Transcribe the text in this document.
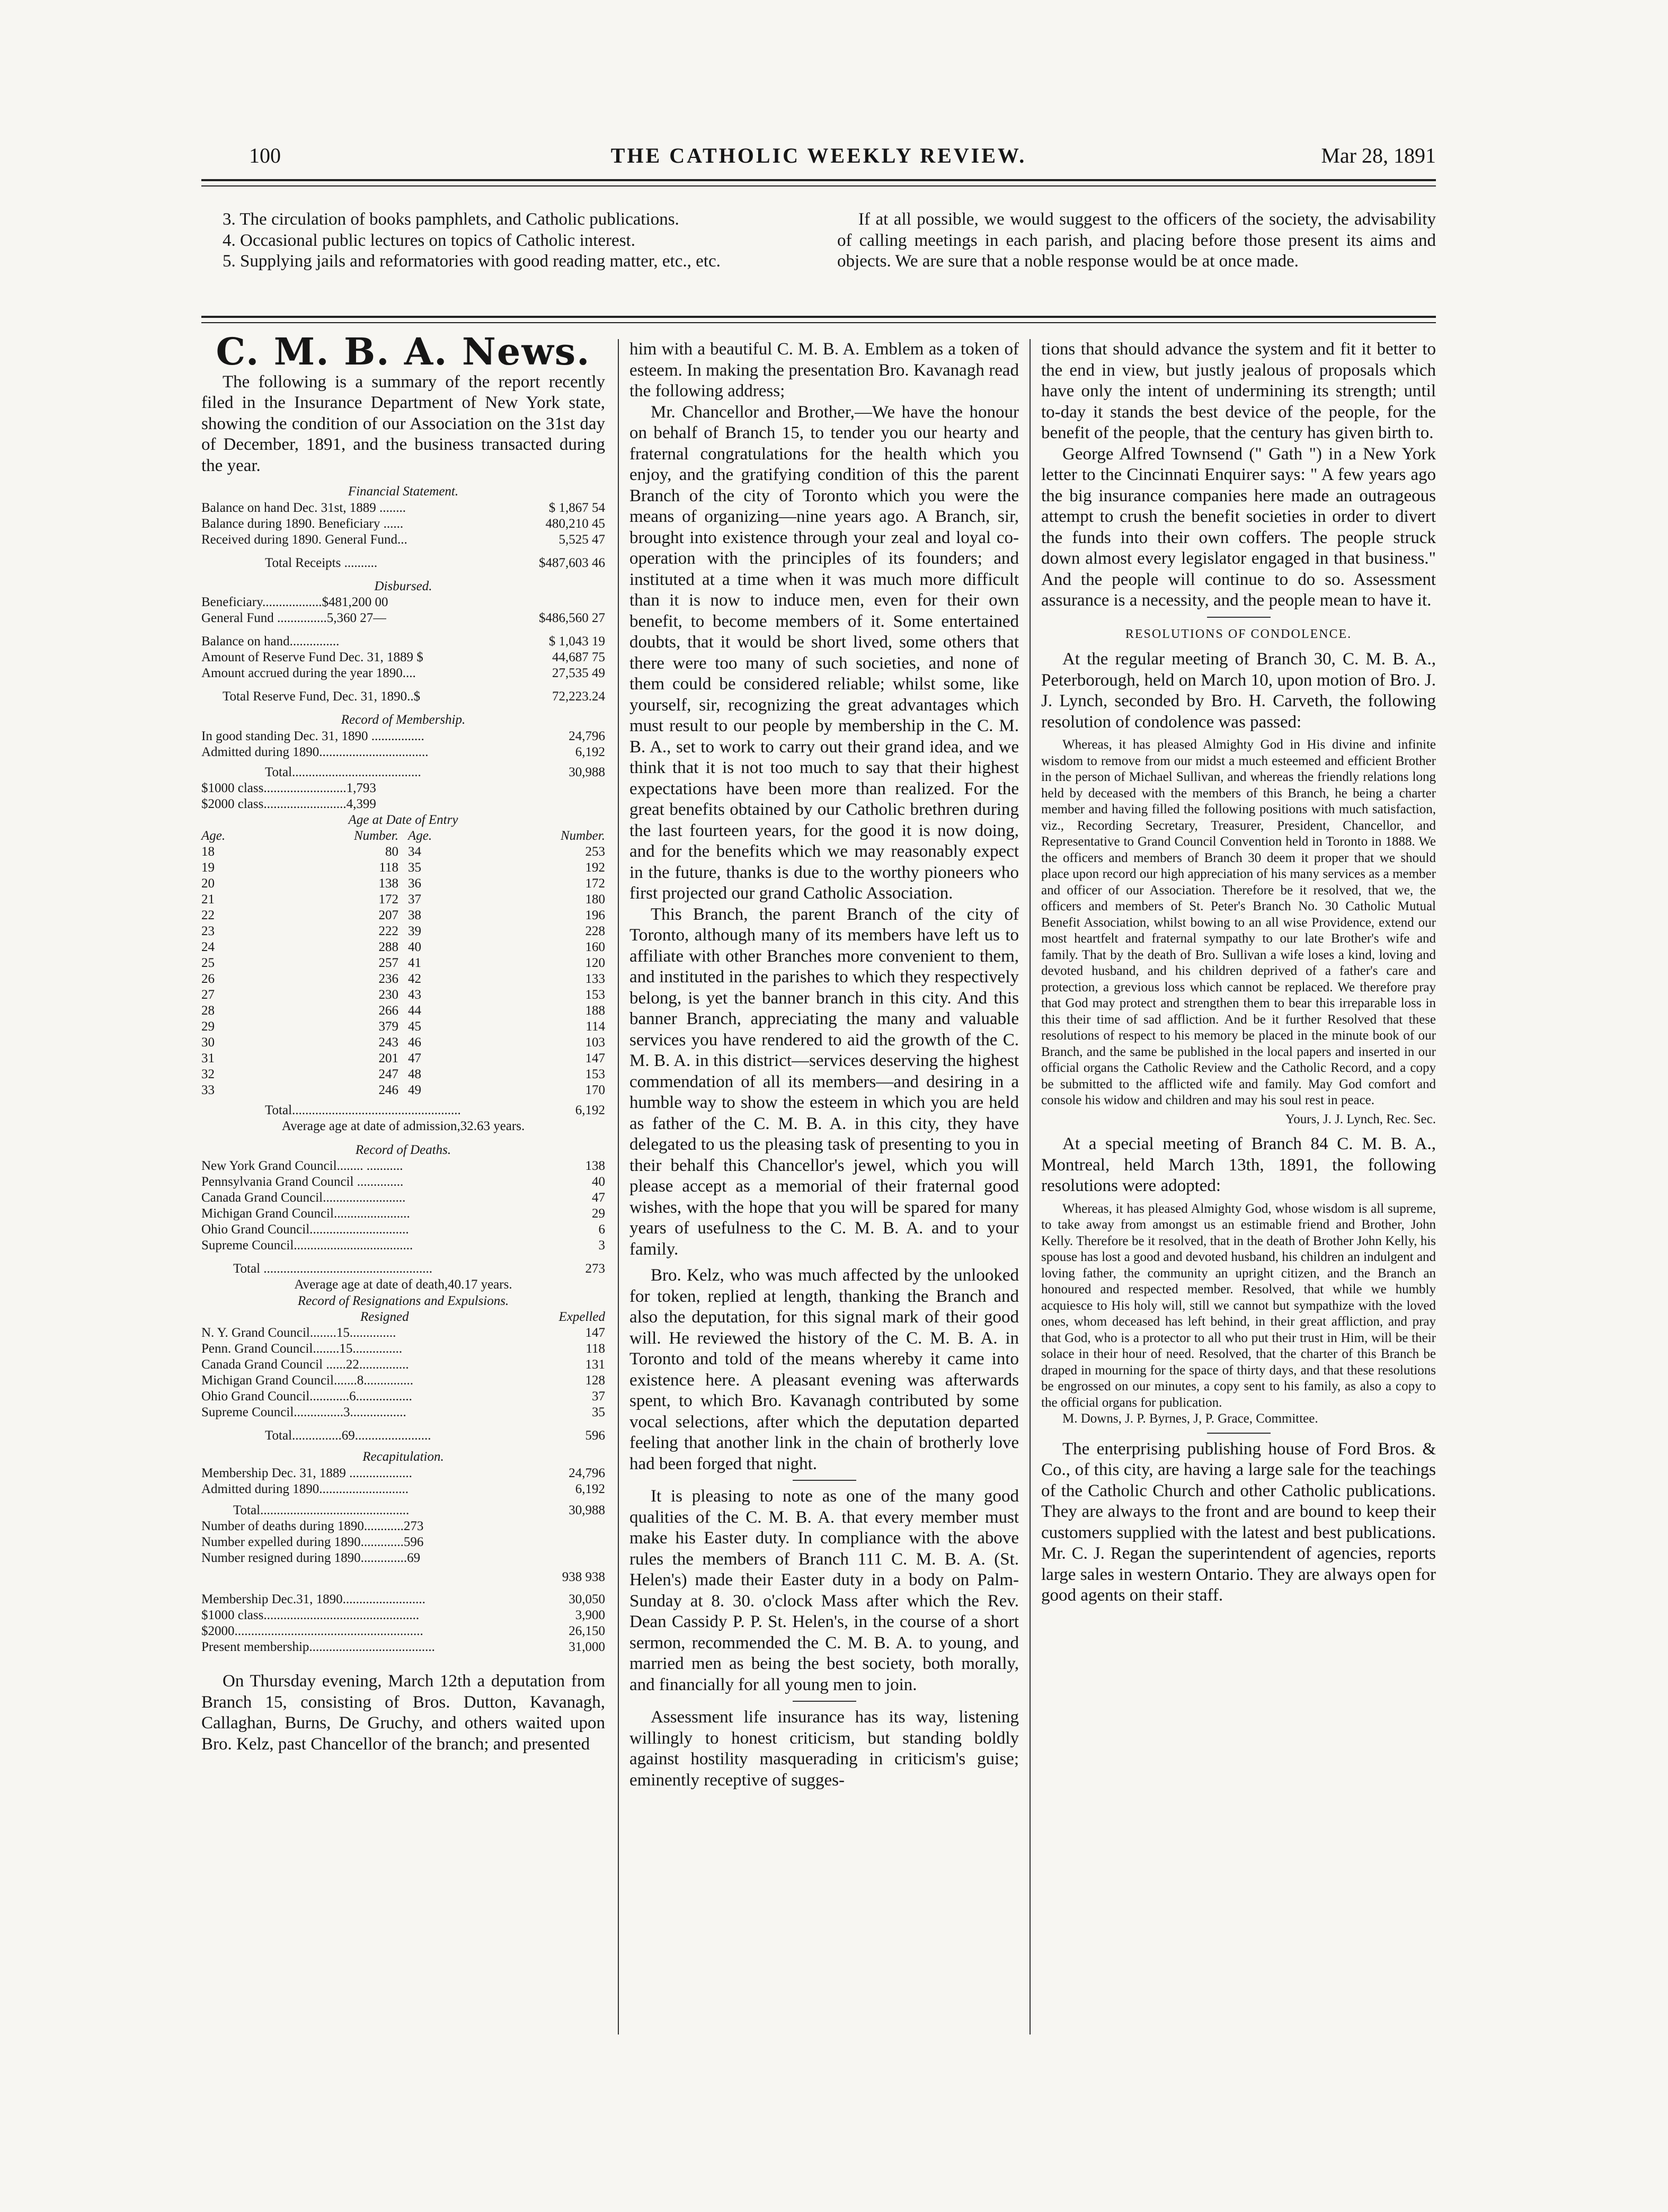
100	THE CATHOLIC WEEKLY REVIEW.	Mar 28, 1891

3. The circulation of books pamphlets, and Catholic publications.

4. Occasional public lectures on topics of Catholic interest.

5. Supplying jails and reformatories with good reading matter, etc., etc.

If at all possible, we would suggest to the officers of the society, the advisability of calling meetings in each parish, and placing before those present its aims and objects. We are sure that a noble response would be at once made.
C. M. B. A. News.

The following is a summary of the report recently filed in the Insurance Department of New York state, showing the condition of our Association on the 31st day of December, 1891, and the business transacted during the year.

Financial Statement.
Balance on hand Dec. 31st, 1889 ........	$ 1,867 54
Balance during 1890. Beneficiary ......	480,210 45
Received during 1890. General Fund...	5,525 47
Total Receipts ..........	$487,603 46
Disbursed.
Beneficiary..................$481,200 00
General Fund ...............5,360 27—	$486,560 27
Balance on hand...............	$ 1,043 19
Amount of Reserve Fund Dec. 31, 1889 $	44,687 75
Amount accrued during the year 1890....	27,535 49
Total Reserve Fund, Dec. 31, 1890..$	72,223.24
Record of Membership.
In good standing Dec. 31, 1890 ................	24,796
Admitted during 1890.................................	6,192
Total.......................................	30,988
$1000 class.........................1,793
$2000 class.........................4,399
Age at Date of Entry
Age.	Number. Age.	Number.
18	80 34	253
19	118 35	192
20	138 36	172
21	172 37	180
22	207 38	196
23	222 39	228
24	288 40	160
25	257 41	120
26	236 42	133
27	230 43	153
28	266 44	188
29	379 45	114
30	243 46	103
31	201 47	147
32	247 48	153
33	246 49	170
Total...................................................	6,192
Average age at date of admission,32.63 years.
Record of Deaths.
New York Grand Council........ ...........	138
Pennsylvania Grand Council ..............	40
Canada Grand Council.........................	47
Michigan Grand Council.......................	29
Ohio Grand Council..............................	6
Supreme Council....................................	3
Total ...................................................	273
Average age at date of death,40.17 years.
Record of Resignations and Expulsions.
Resigned	Expelled
N. Y. Grand Council........15..............	147
Penn. Grand Council........15...............	118
Canada Grand Council ......22...............	131
Michigan Grand Council.......8...............	128
Ohio Grand Council............6.................	37
Supreme Council...............3.................	35
Total...............69.......................	596
Recapitulation.
Membership Dec. 31, 1889 ...................	24,796
Admitted during 1890...........................	6,192
Total.............................................	30,988
Number of deaths during 1890............273
Number expelled during 1890.............596
Number resigned during 1890..............69
938 938
Membership Dec.31, 1890.........................	30,050
$1000 class...............................................	3,900
$2000.........................................................	26,150
Present membership......................................	31,000

On Thursday evening, March 12th a deputation from Branch 15, consisting of Bros. Dutton, Kavanagh, Callaghan, Burns, De Gruchy, and others waited upon Bro. Kelz, past Chancellor of the branch; and presented

him with a beautiful C. M. B. A. Emblem as a token of esteem. In making the presentation Bro. Kavanagh read the following address;

Mr. Chancellor and Brother,—We have the honour on behalf of Branch 15, to tender you our hearty and fraternal congratulations for the health which you enjoy, and the gratifying condition of this the parent Branch of the city of Toronto which you were the means of organizing—nine years ago. A Branch, sir, brought into existence through your zeal and loyal co-operation with the principles of its founders; and instituted at a time when it was much more difficult than it is now to induce men, even for their own benefit, to become members of it. Some entertained doubts, that it would be short lived, some others that there were too many of such societies, and none of them could be considered reliable; whilst some, like yourself, sir, recognizing the great advantages which must result to our people by membership in the C. M. B. A., set to work to carry out their grand idea, and we think that it is not too much to say that their highest expectations have been more than realized. For the great benefits obtained by our Catholic brethren during the last fourteen years, for the good it is now doing, and for the benefits which we may reasonably expect in the future, thanks is due to the worthy pioneers who first projected our grand Catholic Association.

This Branch, the parent Branch of the city of Toronto, although many of its members have left us to affiliate with other Branches more convenient to them, and instituted in the parishes to which they respectively belong, is yet the banner branch in this city. And this banner Branch, appreciating the many and valuable services you have rendered to aid the growth of the C. M. B. A. in this district—services deserving the highest commendation of all its members—and desiring in a humble way to show the esteem in which you are held as father of the C. M. B. A. in this city, they have delegated to us the pleasing task of presenting to you in their behalf this Chancellor's jewel, which you will please accept as a memorial of their fraternal good wishes, with the hope that you will be spared for many years of usefulness to the C. M. B. A. and to your family.

Bro. Kelz, who was much affected by the unlooked for token, replied at length, thanking the Branch and also the deputation, for this signal mark of their good will. He reviewed the history of the C. M. B. A. in Toronto and told of the means whereby it came into existence here. A pleasant evening was afterwards spent, to which Bro. Kavanagh contributed by some vocal selections, after which the deputation departed feeling that another link in the chain of brotherly love had been forged that night.

It is pleasing to note as one of the many good qualities of the C. M. B. A. that every member must make his Easter duty. In compliance with the above rules the members of Branch 111 C. M. B. A. (St. Helen's) made their Easter duty in a body on Palm-Sunday at 8. 30. o'clock Mass after which the Rev. Dean Cassidy P. P. St. Helen's, in the course of a short sermon, recommended the C. M. B. A. to young, and married men as being the best society, both morally, and financially for all young men to join.

Assessment life insurance has its way, listening willingly to honest criticism, but standing boldly against hostility masquerading in criticism's guise; eminently receptive of sugges-

tions that should advance the system and fit it better to the end in view, but justly jealous of proposals which have only the intent of undermining its strength; until to-day it stands the best device of the people, for the benefit of the people, that the century has given birth to.

George Alfred Townsend (" Gath ") in a New York letter to the Cincinnati Enquirer says: " A few years ago the big insurance companies here made an outrageous attempt to crush the benefit societies in order to divert the funds into their own coffers. The people struck down almost every legislator engaged in that business." And the people will continue to do so. Assessment assurance is a necessity, and the people mean to have it.

RESOLUTIONS OF CONDOLENCE.

At the regular meeting of Branch 30, C. M. B. A., Peterborough, held on March 10, upon motion of Bro. J. J. Lynch, seconded by Bro. H. Carveth, the following resolution of condolence was passed:

Whereas, it has pleased Almighty God in His divine and infinite wisdom to remove from our midst a much esteemed and efficient Brother in the person of Michael Sullivan, and whereas the friendly relations long held by deceased with the members of this Branch, he being a charter member and having filled the following positions with much satisfaction, viz., Recording Secretary, Treasurer, President, Chancellor, and Representative to Grand Council Convention held in Toronto in 1888. We the officers and members of Branch 30 deem it proper that we should place upon record our high appreciation of his many services as a member and officer of our Association. Therefore be it resolved, that we, the officers and members of St. Peter's Branch No. 30 Catholic Mutual Benefit Association, whilst bowing to an all wise Providence, extend our most heartfelt and fraternal sympathy to our late Brother's wife and family. That by the death of Bro. Sullivan a wife loses a kind, loving and devoted husband, and his children deprived of a father's care and protection, a grevious loss which cannot be replaced. We therefore pray that God may protect and strengthen them to bear this irreparable loss in this their time of sad affliction. And be it further Resolved that these resolutions of respect to his memory be placed in the minute book of our Branch, and the same be published in the local papers and inserted in our official organs the Catholic Review and the Catholic Record, and a copy be submitted to the afflicted wife and family. May God comfort and console his widow and children and may his soul rest in peace.

Yours, J. J. Lynch, Rec. Sec.

At a special meeting of Branch 84 C. M. B. A., Montreal, held March 13th, 1891, the following resolutions were adopted:

Whereas, it has pleased Almighty God, whose wisdom is all supreme, to take away from amongst us an estimable friend and Brother, John Kelly. Therefore be it resolved, that in the death of Brother John Kelly, his spouse has lost a good and devoted husband, his children an indulgent and loving father, the community an upright citizen, and the Branch an honoured and respected member. Resolved, that while we humbly acquiesce to His holy will, still we cannot but sympathize with the loved ones, whom deceased has left behind, in their great affliction, and pray that God, who is a protector to all who put their trust in Him, will be their solace in their hour of need. Resolved, that the charter of this Branch be draped in mourning for the space of thirty days, and that these resolutions be engrossed on our minutes, a copy sent to his family, as also a copy to the official organs for publication.

M. Downs, J. P. Byrnes, J, P. Grace, Committee.

The enterprising publishing house of Ford Bros. & Co., of this city, are having a large sale for the teachings of the Catholic Church and other Catholic publications. They are always to the front and are bound to keep their customers supplied with the latest and best publications. Mr. C. J. Regan the superintendent of agencies, reports large sales in western Ontario. They are always open for good agents on their staff.
